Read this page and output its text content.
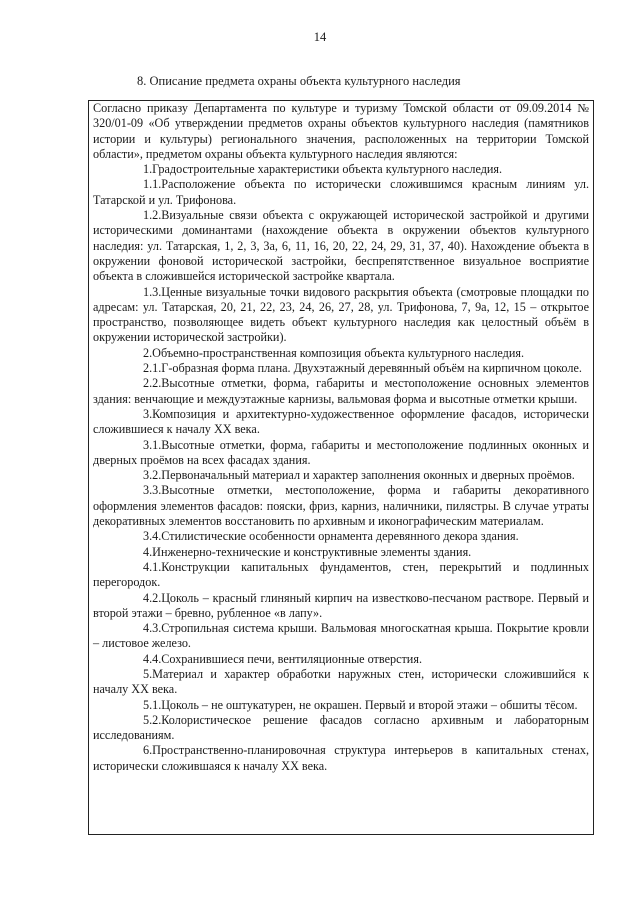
14
8. Описание предмета охраны объекта культурного наследия

Согласно приказу Департамента по культуре и туризму Томской области от 09.09.2014 № 320/01-09 «Об утверждении предметов охраны объектов культурного наследия (памятников истории и культуры) регионального значения, расположенных на территории Томской области», предметом охраны объекта культурного наследия являются:

1.Градостроительные характеристики объекта культурного наследия.

1.1.Расположение объекта по исторически сложившимся красным линиям ул. Татарской и ул. Трифонова.

1.2.Визуальные связи объекта с окружающей исторической застройкой и другими историческими доминантами (нахождение объекта в окружении объектов культурного наследия: ул. Татарская, 1, 2, 3, 3а, 6, 11, 16, 20, 22, 24, 29, 31, 37, 40). Нахождение объекта в окружении фоновой исторической застройки, беспрепятственное визуальное восприятие объекта в сложившейся исторической застройке квартала.

1.3.Ценные визуальные точки видового раскрытия объекта (смотровые площадки по адресам: ул. Татарская, 20, 21, 22, 23, 24, 26, 27, 28, ул. Трифонова, 7, 9а, 12, 15 – открытое пространство, позволяющее видеть объект культурного наследия как целостный объём в окружении исторической застройки).

2.Объемно-пространственная композиция объекта культурного наследия.

2.1.Г-образная форма плана. Двухэтажный деревянный объём на кирпичном цоколе.

2.2.Высотные отметки, форма, габариты и местоположение основных элементов здания: венчающие и междуэтажные карнизы, вальмовая форма и высотные отметки крыши.

3.Композиция и архитектурно-художественное оформление фасадов, исторически сложившиеся к началу XX века.

3.1.Высотные отметки, форма, габариты и местоположение подлинных оконных и дверных проёмов на всех фасадах здания.

3.2.Первоначальный материал и характер заполнения оконных и дверных проёмов.

3.3.Высотные отметки, местоположение, форма и габариты декоративного оформления элементов фасадов: пояски, фриз, карниз, наличники, пилястры. В случае утраты декоративных элементов восстановить по архивным и иконографическим материалам.

3.4.Стилистические особенности орнамента деревянного декора здания.

4.Инженерно-технические и конструктивные элементы здания.

4.1.Конструкции капитальных фундаментов, стен, перекрытий и подлинных перегородок.

4.2.Цоколь – красный глиняный кирпич на известково-песчаном растворе. Первый и второй этажи – бревно, рубленное «в лапу».

4.3.Стропильная система крыши. Вальмовая многоскатная крыша. Покрытие кровли – листовое железо.

4.4.Сохранившиеся печи, вентиляционные отверстия.

5.Материал и характер обработки наружных стен, исторически сложившийся к началу XX века.

5.1.Цоколь – не оштукатурен, не окрашен. Первый и второй этажи – обшиты тёсом.

5.2.Колористическое решение фасадов согласно архивным и лабораторным исследованиям.

6.Пространственно-планировочная структура интерьеров в капитальных стенах, исторически сложившаяся к началу XX века.
